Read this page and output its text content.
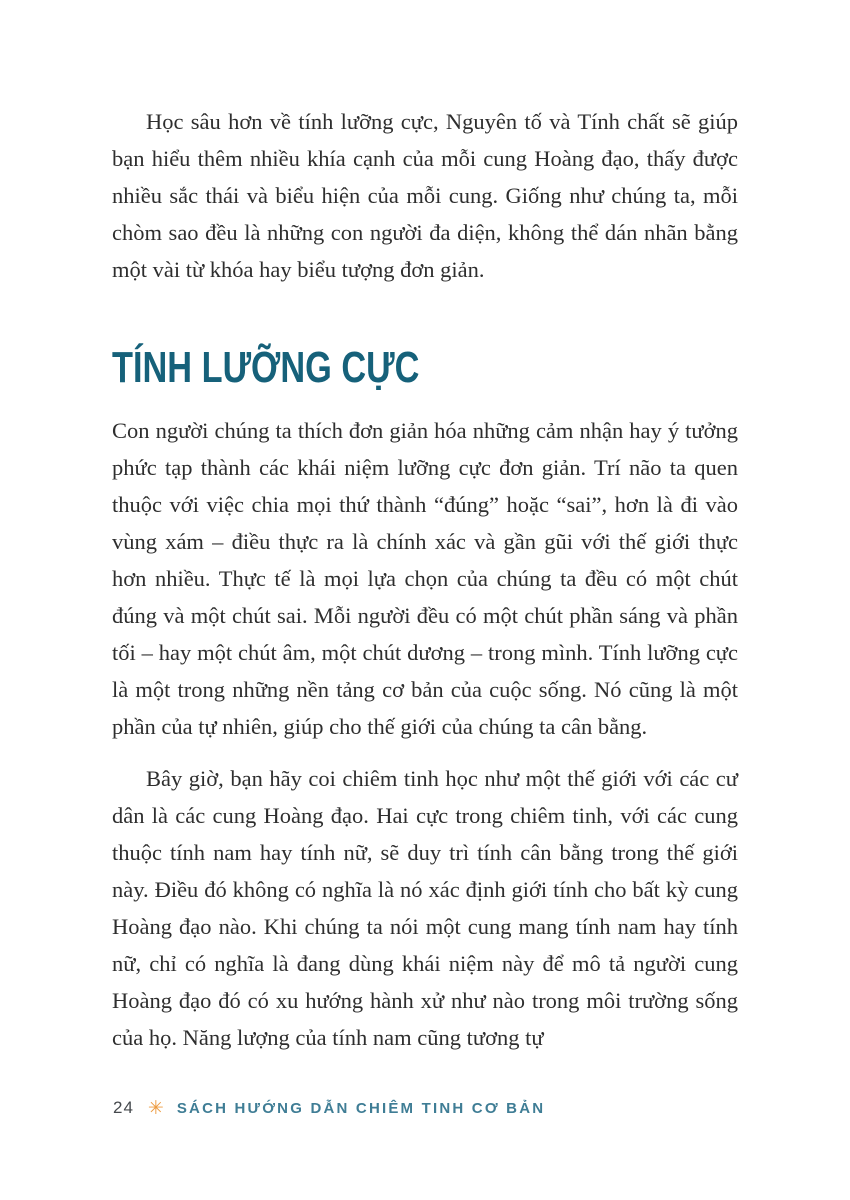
Học sâu hơn về tính lưỡng cực, Nguyên tố và Tính chất sẽ giúp bạn hiểu thêm nhiều khía cạnh của mỗi cung Hoàng đạo, thấy được nhiều sắc thái và biểu hiện của mỗi cung. Giống như chúng ta, mỗi chòm sao đều là những con người đa diện, không thể dán nhãn bằng một vài từ khóa hay biểu tượng đơn giản.

TÍNH LƯỠNG CỰC

Con người chúng ta thích đơn giản hóa những cảm nhận hay ý tưởng phức tạp thành các khái niệm lưỡng cực đơn giản. Trí não ta quen thuộc với việc chia mọi thứ thành “đúng” hoặc “sai”, hơn là đi vào vùng xám – điều thực ra là chính xác và gần gũi với thế giới thực hơn nhiều. Thực tế là mọi lựa chọn của chúng ta đều có một chút đúng và một chút sai. Mỗi người đều có một chút phần sáng và phần tối – hay một chút âm, một chút dương – trong mình. Tính lưỡng cực là một trong những nền tảng cơ bản của cuộc sống. Nó cũng là một phần của tự nhiên, giúp cho thế giới của chúng ta cân bằng.

Bây giờ, bạn hãy coi chiêm tinh học như một thế giới với các cư dân là các cung Hoàng đạo. Hai cực trong chiêm tinh, với các cung thuộc tính nam hay tính nữ, sẽ duy trì tính cân bằng trong thế giới này. Điều đó không có nghĩa là nó xác định giới tính cho bất kỳ cung Hoàng đạo nào. Khi chúng ta nói một cung mang tính nam hay tính nữ, chỉ có nghĩa là đang dùng khái niệm này để mô tả người cung Hoàng đạo đó có xu hướng hành xử như nào trong môi trường sống của họ. Năng lượng của tính nam cũng tương tự

24 ✳ SÁCH HƯỚNG DẪN CHIÊM TINH CƠ BẢN
